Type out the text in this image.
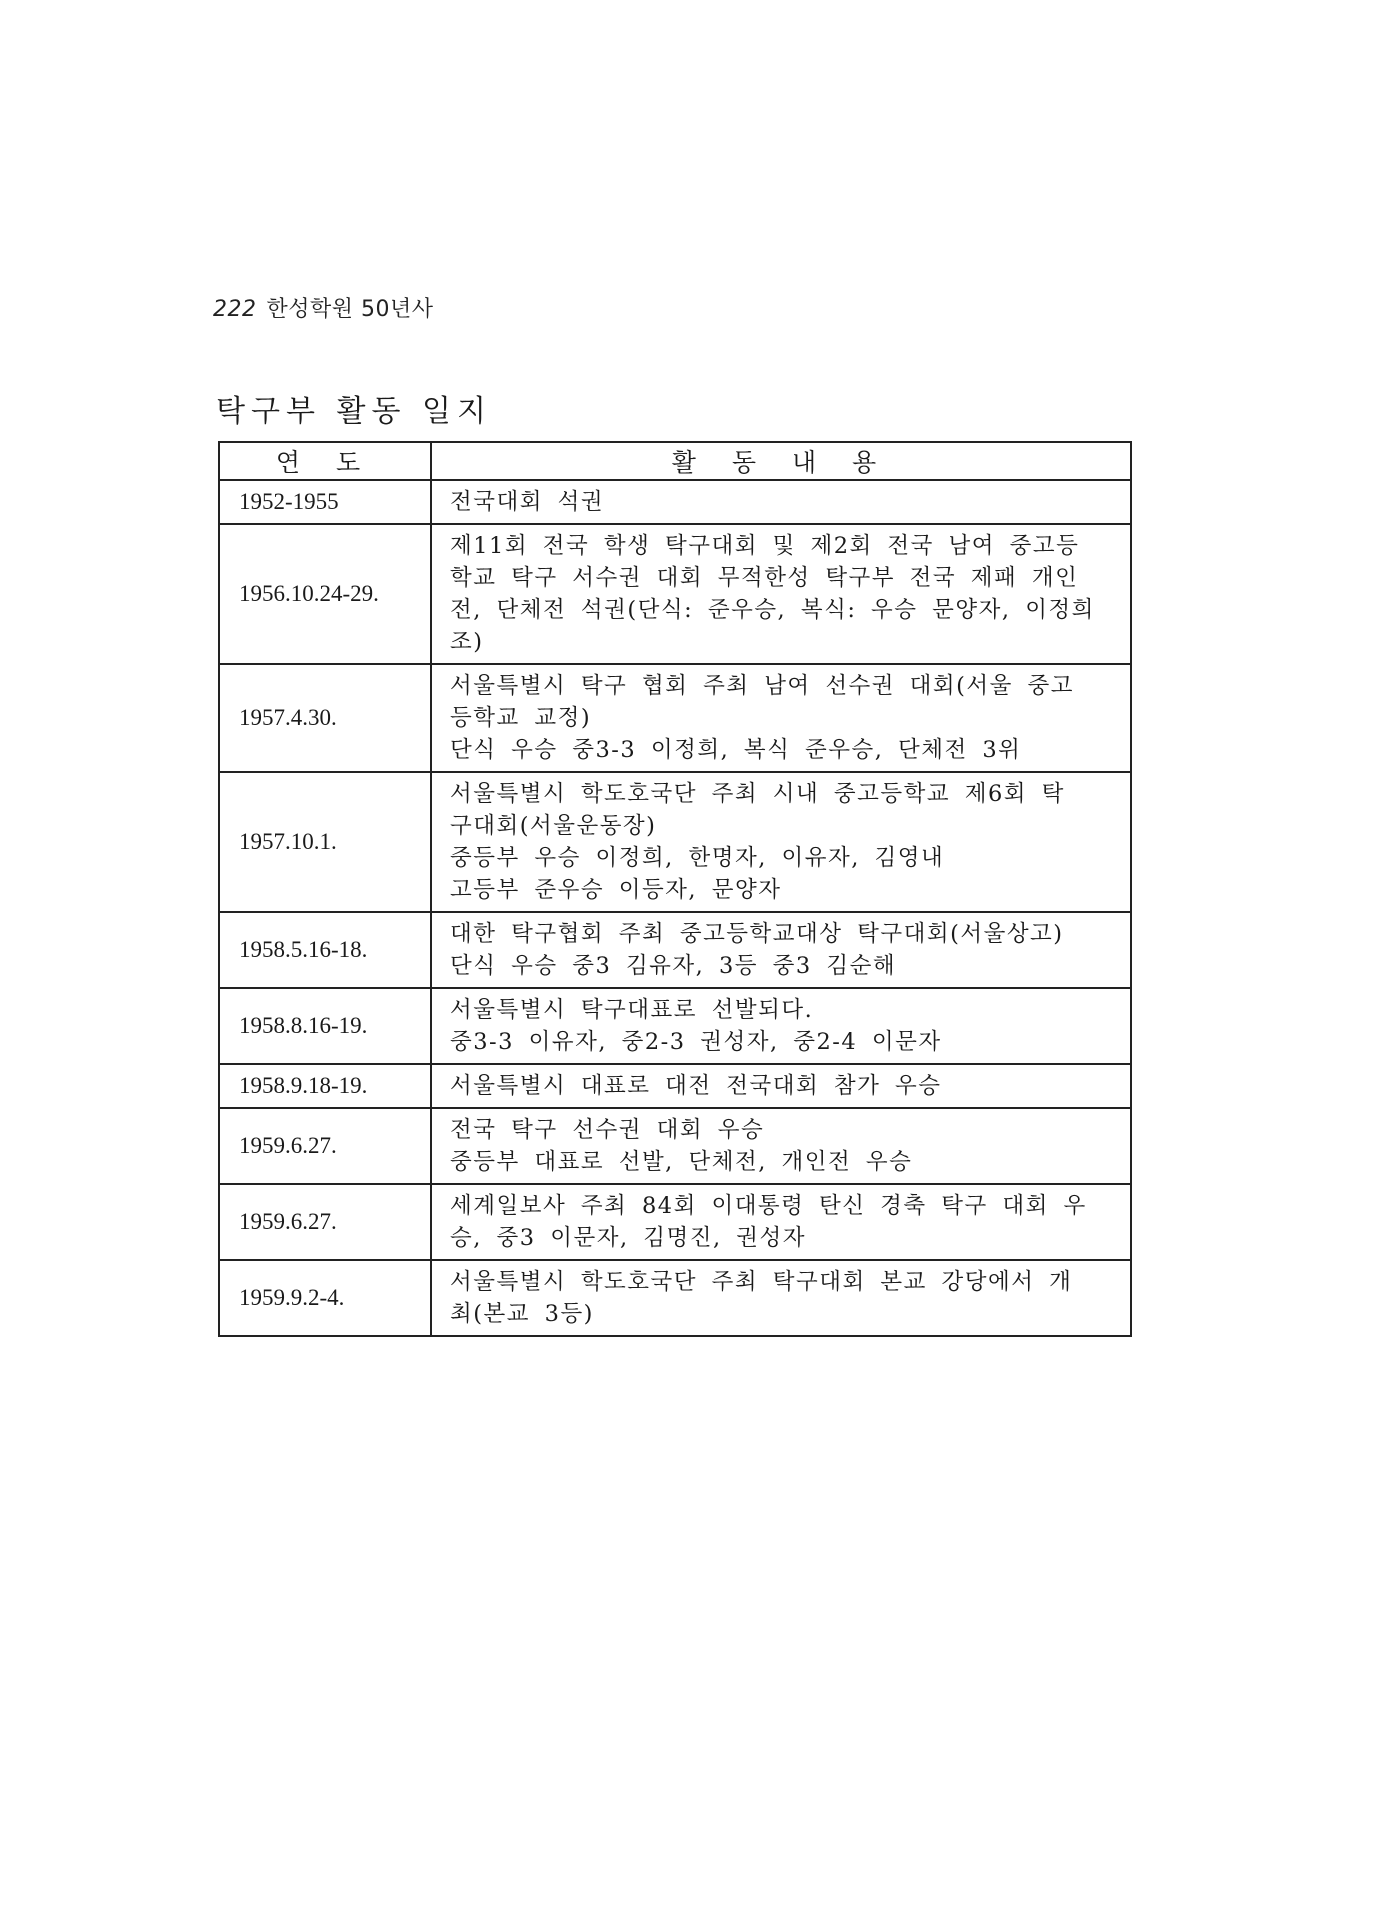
222 한성학원 50년사
탁구부 활동 일지
연 도	활 동 내 용
1952-1955	전국대회 석권

1956.10.24-29.	제11회 전국 학생 탁구대회 및 제2회 전국 남여 중고등
학교 탁구 서수권 대회 무적한성 탁구부 전국 제패 개인
전, 단체전 석권(단식: 준우승, 복식: 우승 문양자, 이정희
조)

1957.4.30.	서울특별시 탁구 협회 주최 남여 선수권 대회(서울 중고
등학교 교정)
단식 우승 중3-3 이정희, 복식 준우승, 단체전 3위

1957.10.1.	서울특별시 학도호국단 주최 시내 중고등학교 제6회 탁
구대회(서울운동장)
중등부 우승 이정희, 한명자, 이유자, 김영내
고등부 준우승 이등자, 문양자

1958.5.16-18.	대한 탁구협회 주최 중고등학교대상 탁구대회(서울상고)
단식 우승 중3 김유자, 3등 중3 김순해

1958.8.16-19.	서울특별시 탁구대표로 선발되다.
중3-3 이유자, 중2-3 권성자, 중2-4 이문자

1958.9.18-19.	서울특별시 대표로 대전 전국대회 참가 우승

1959.6.27.	전국 탁구 선수권 대회 우승
중등부 대표로 선발, 단체전, 개인전 우승

1959.6.27.	세계일보사 주최 84회 이대통령 탄신 경축 탁구 대회 우
승, 중3 이문자, 김명진, 권성자

1959.9.2-4.	서울특별시 학도호국단 주최 탁구대회 본교 강당에서 개
최(본교 3등)
